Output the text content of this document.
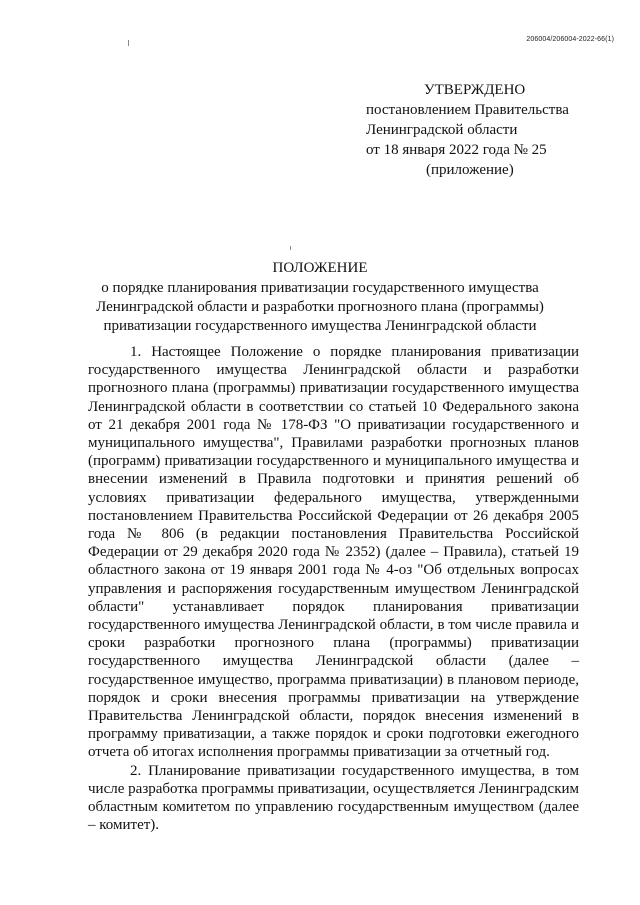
206004/206004-2022-66(1)
УТВЕРЖДЕНО
постановлением Правительства
Ленинградской области
от 18 января 2022 года № 25
(приложение)
ПОЛОЖЕНИЕ
о порядке планирования приватизации государственного имущества
Ленинградской области и разработки прогнозного плана (программы)
приватизации государственного имущества Ленинградской области

1. Настоящее Положение о порядке планирования приватизации государственного имущества Ленинградской области и разработки прогнозного плана (программы) приватизации государственного имущества Ленинградской области в соответствии со статьей 10 Федерального закона от 21 декабря 2001 года № 178-ФЗ "О приватизации государственного и муниципального имущества", Правилами разработки прогнозных планов (программ) приватизации государственного и муниципального имущества и внесении изменений в Правила подготовки и принятия решений об условиях приватизации федерального имущества, утвержденными постановлением Правительства Российской Федерации от 26 декабря 2005 года № 806 (в редакции постановления Правительства Российской Федерации от 29 декабря 2020 года № 2352) (далее – Правила), статьей 19 областного закона от 19 января 2001 года № 4-оз "Об отдельных вопросах управления и распоряжения государственным имуществом Ленинградской области" устанавливает порядок планирования приватизации государственного имущества Ленинградской области, в том числе правила и сроки разработки прогнозного плана (программы) приватизации государственного имущества Ленинградской области (далее – государственное имущество, программа приватизации) в плановом периоде, порядок и сроки внесения программы приватизации на утверждение Правительства Ленинградской области, порядок внесения изменений в программу приватизации, а также порядок и сроки подготовки ежегодного отчета об итогах исполнения программы приватизации за отчетный год.

2. Планирование приватизации государственного имущества, в том числе разработка программы приватизации, осуществляется Ленинградским областным комитетом по управлению государственным имуществом (далее – комитет).
